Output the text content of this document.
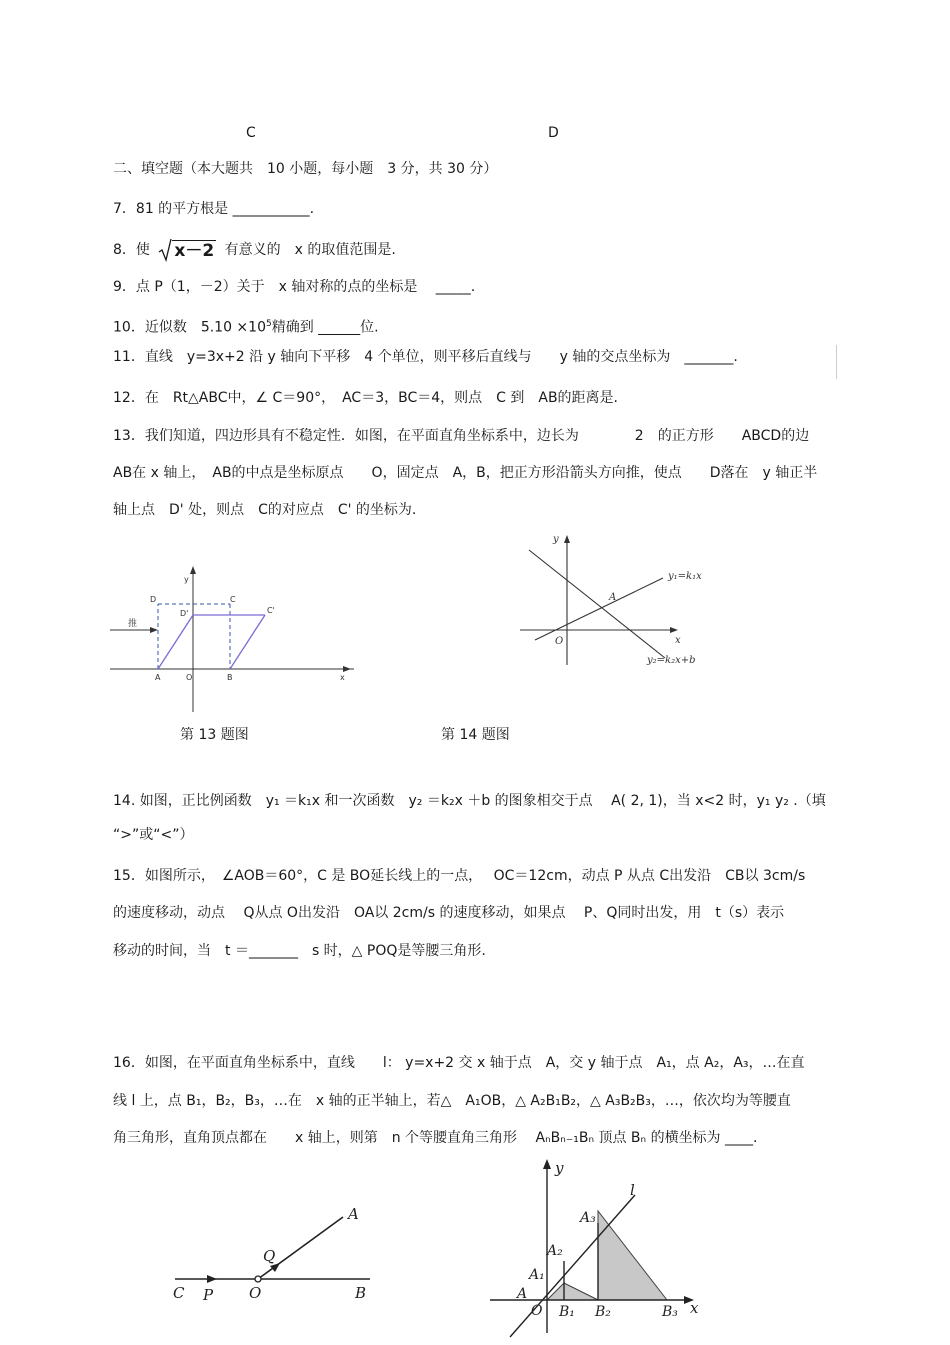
C	D
二、填空题（本大题共　10 小题，每小题　3 分，共 30 分）
7．81 的平方根是 ___________.
8．使 x－2 有意义的　x 的取值范围是.
9．点 P（1，－2）关于　x 轴对称的点的坐标是　 _____.
10．近似数　$5.10 \times 10^5$精确到 ______位.
11．直线　y=3x+2 沿 y 轴向下平移　4 个单位，则平移后直线与　　y 轴的交点坐标为　_______.
12．在　Rt△ABC中，∠ C＝90°，　AC＝3，BC＝4，则点　C 到　AB的距离是.
13．我们知道，四边形具有不稳定性．如图，在平面直角坐标系中，边长为　　　　2　的正方形　　ABCD的边
AB在 x 轴上，　AB的中点是坐标原点　　O，固定点　A，B，把正方形沿箭头方向推，使点　　D落在　y 轴正半
轴上点　D' 处，则点　C的对应点　C' 的坐标为.
D	C
D'	C'
推
A	O	B	x
y
第 13 题图
y
x
O
A
y₁=k₁x
y₂=k₂x+b
第 14 题图
14. 如图，正比例函数　y₁ ＝k₁x 和一次函数　y₂ ＝k₂x ＋b 的图象相交于点　 A( 2, 1)，当 x<2 时，y₁ y₂ .（填
“>”或“<”）
15．如图所示，　∠AOB＝60°，C 是 BO延长线上的一点，　 OC＝12cm，动点 P 从点 C出发沿　CB以 3cm/s
的速度移动，动点　 Q从点 O出发沿　OA以 2cm/s 的速度移动，如果点　 P、Q同时出发，用　t（s）表示
移动的时间，当　t ＝_______　s 时，△ POQ是等腰三角形.
16．如图，在平面直角坐标系中，直线　　l： y=x+2 交 x 轴于点　A，交 y 轴于点　A₁，点 A₂，A₃，…在直
线 l 上，点 B₁，B₂，B₃，…在　x 轴的正半轴上，若△　A₁OB，△ A₂B₁B₂，△ A₃B₂B₃，…，依次均为等腰直
角三角形，直角顶点都在　　x 轴上，则第　n 个等腰直角三角形　 AₙBₙ₋₁Bₙ 顶点 Bₙ 的横坐标为 ____.
A
Q
C P O	B
y
l
A₃
A₂
A₁
A
O B₁ B₂	B₃ x
